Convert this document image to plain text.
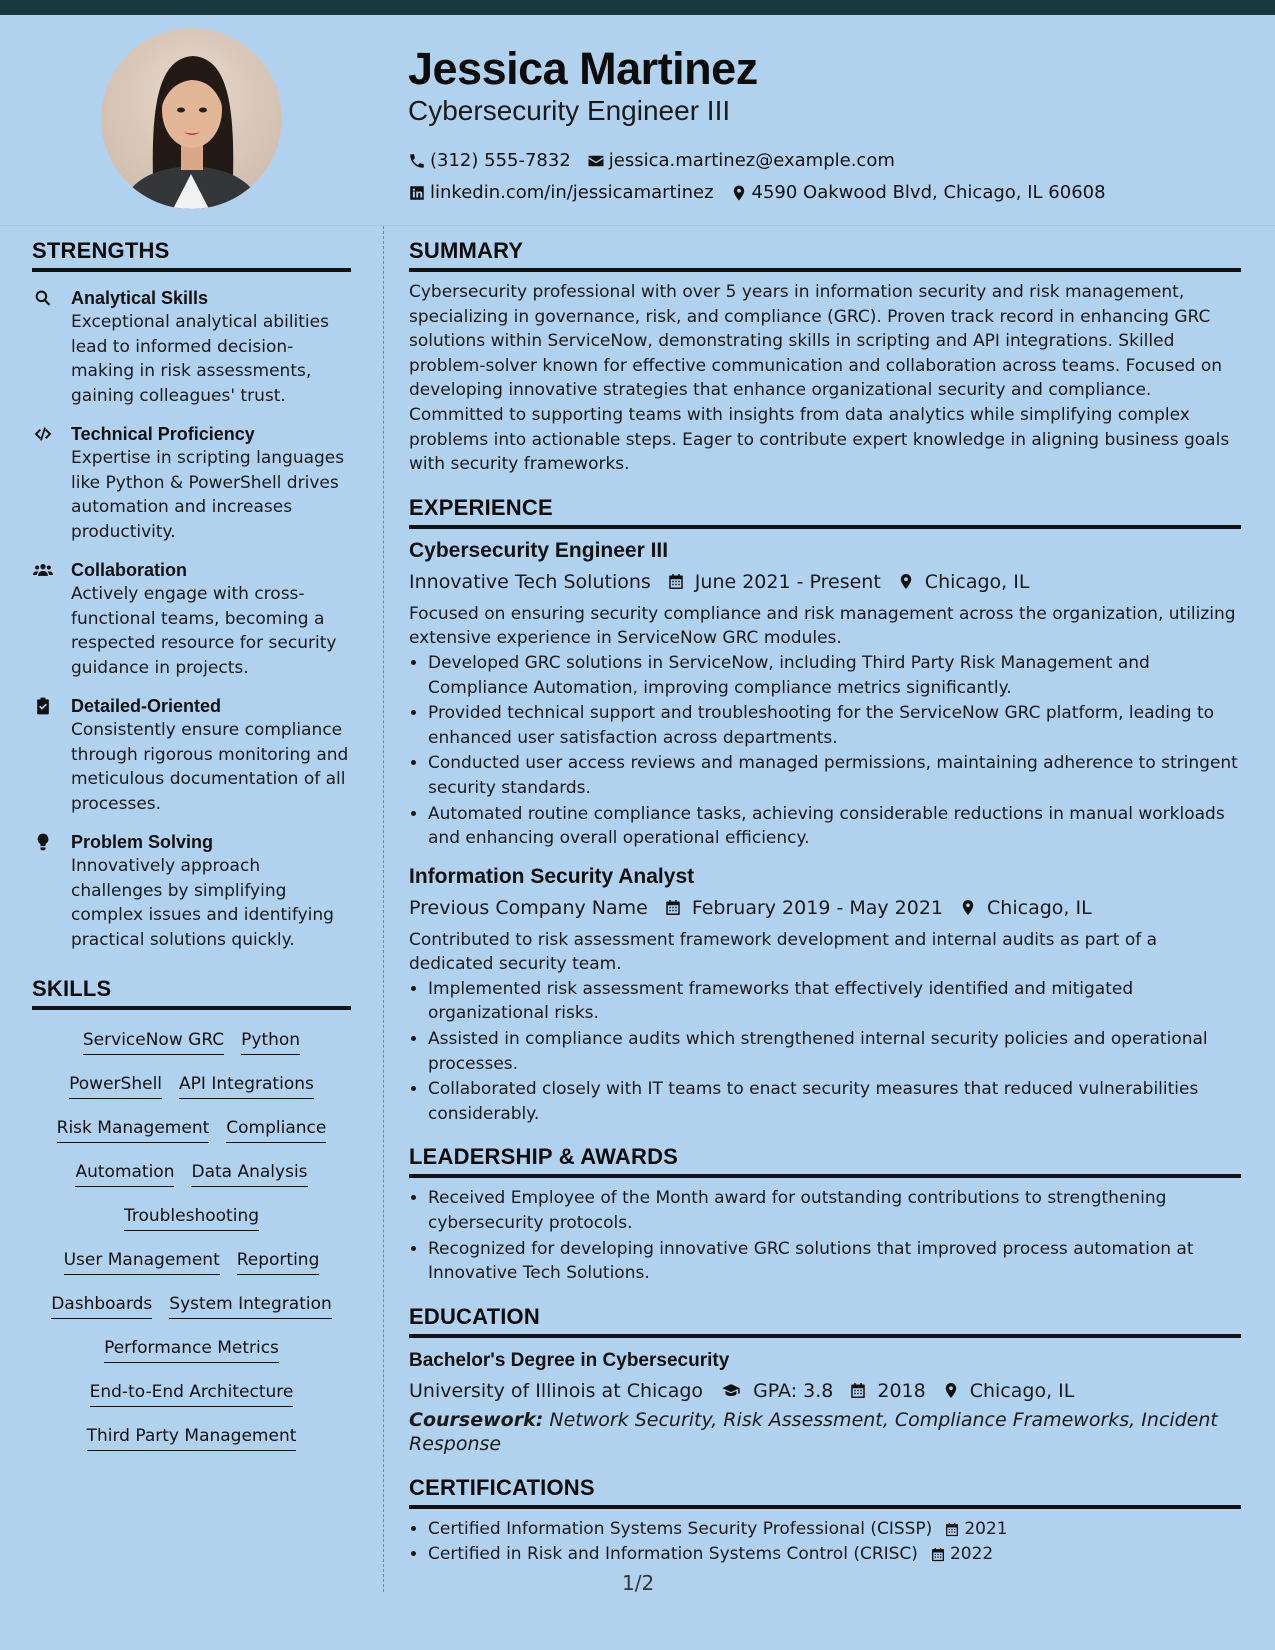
Jessica Martinez
Cybersecurity Engineer III
(312) 555-7832 jessica.martinez@example.com
linkedin.com/in/jessicamartinez 4590 Oakwood Blvd, Chicago, IL 60608
STRENGTHS
Analytical Skills
Exceptional analytical abilities lead to informed decision-making in risk assessments, gaining colleagues' trust.
Technical Proficiency
Expertise in scripting languages like Python & PowerShell drives automation and increases productivity.
Collaboration
Actively engage with cross-functional teams, becoming a respected resource for security guidance in projects.
Detailed-Oriented
Consistently ensure compliance through rigorous monitoring and meticulous documentation of all processes.
Problem Solving
Innovatively approach challenges by simplifying complex issues and identifying practical solutions quickly.
SKILLS
ServiceNow GRC Python
PowerShell API Integrations
Risk Management Compliance
Automation Data Analysis
Troubleshooting
User Management Reporting
Dashboards System Integration
Performance Metrics
End-to-End Architecture
Third Party Management
SUMMARY

Cybersecurity professional with over 5 years in information security and risk management, specializing in governance, risk, and compliance (GRC). Proven track record in enhancing GRC solutions within ServiceNow, demonstrating skills in scripting and API integrations. Skilled problem-solver known for effective communication and collaboration across teams. Focused on developing innovative strategies that enhance organizational security and compliance. Committed to supporting teams with insights from data analytics while simplifying complex problems into actionable steps. Eager to contribute expert knowledge in aligning business goals with security frameworks.

EXPERIENCE
Cybersecurity Engineer III
Innovative Tech Solutions June 2021 - Present Chicago, IL

Focused on ensuring security compliance and risk management across the organization, utilizing extensive experience in ServiceNow GRC modules.

• Developed GRC solutions in ServiceNow, including Third Party Risk Management and Compliance Automation, improving compliance metrics significantly.
• Provided technical support and troubleshooting for the ServiceNow GRC platform, leading to enhanced user satisfaction across departments.
• Conducted user access reviews and managed permissions, maintaining adherence to stringent security standards.
• Automated routine compliance tasks, achieving considerable reductions in manual workloads and enhancing overall operational efficiency.
Information Security Analyst
Previous Company Name February 2019 - May 2021 Chicago, IL

Contributed to risk assessment framework development and internal audits as part of a dedicated security team.

• Implemented risk assessment frameworks that effectively identified and mitigated organizational risks.
• Assisted in compliance audits which strengthened internal security policies and operational processes.
• Collaborated closely with IT teams to enact security measures that reduced vulnerabilities considerably.
LEADERSHIP & AWARDS
• Received Employee of the Month award for outstanding contributions to strengthening cybersecurity protocols.
• Recognized for developing innovative GRC solutions that improved process automation at Innovative Tech Solutions.
EDUCATION
Bachelor's Degree in Cybersecurity
University of Illinois at Chicago	GPA: 3.8 2018 Chicago, IL
Coursework: Network Security, Risk Assessment, Compliance Frameworks, Incident Response
CERTIFICATIONS
• Certified Information Systems Security Professional (CISSP) 2021
• Certified in Risk and Information Systems Control (CRISC) 2022
1/2
